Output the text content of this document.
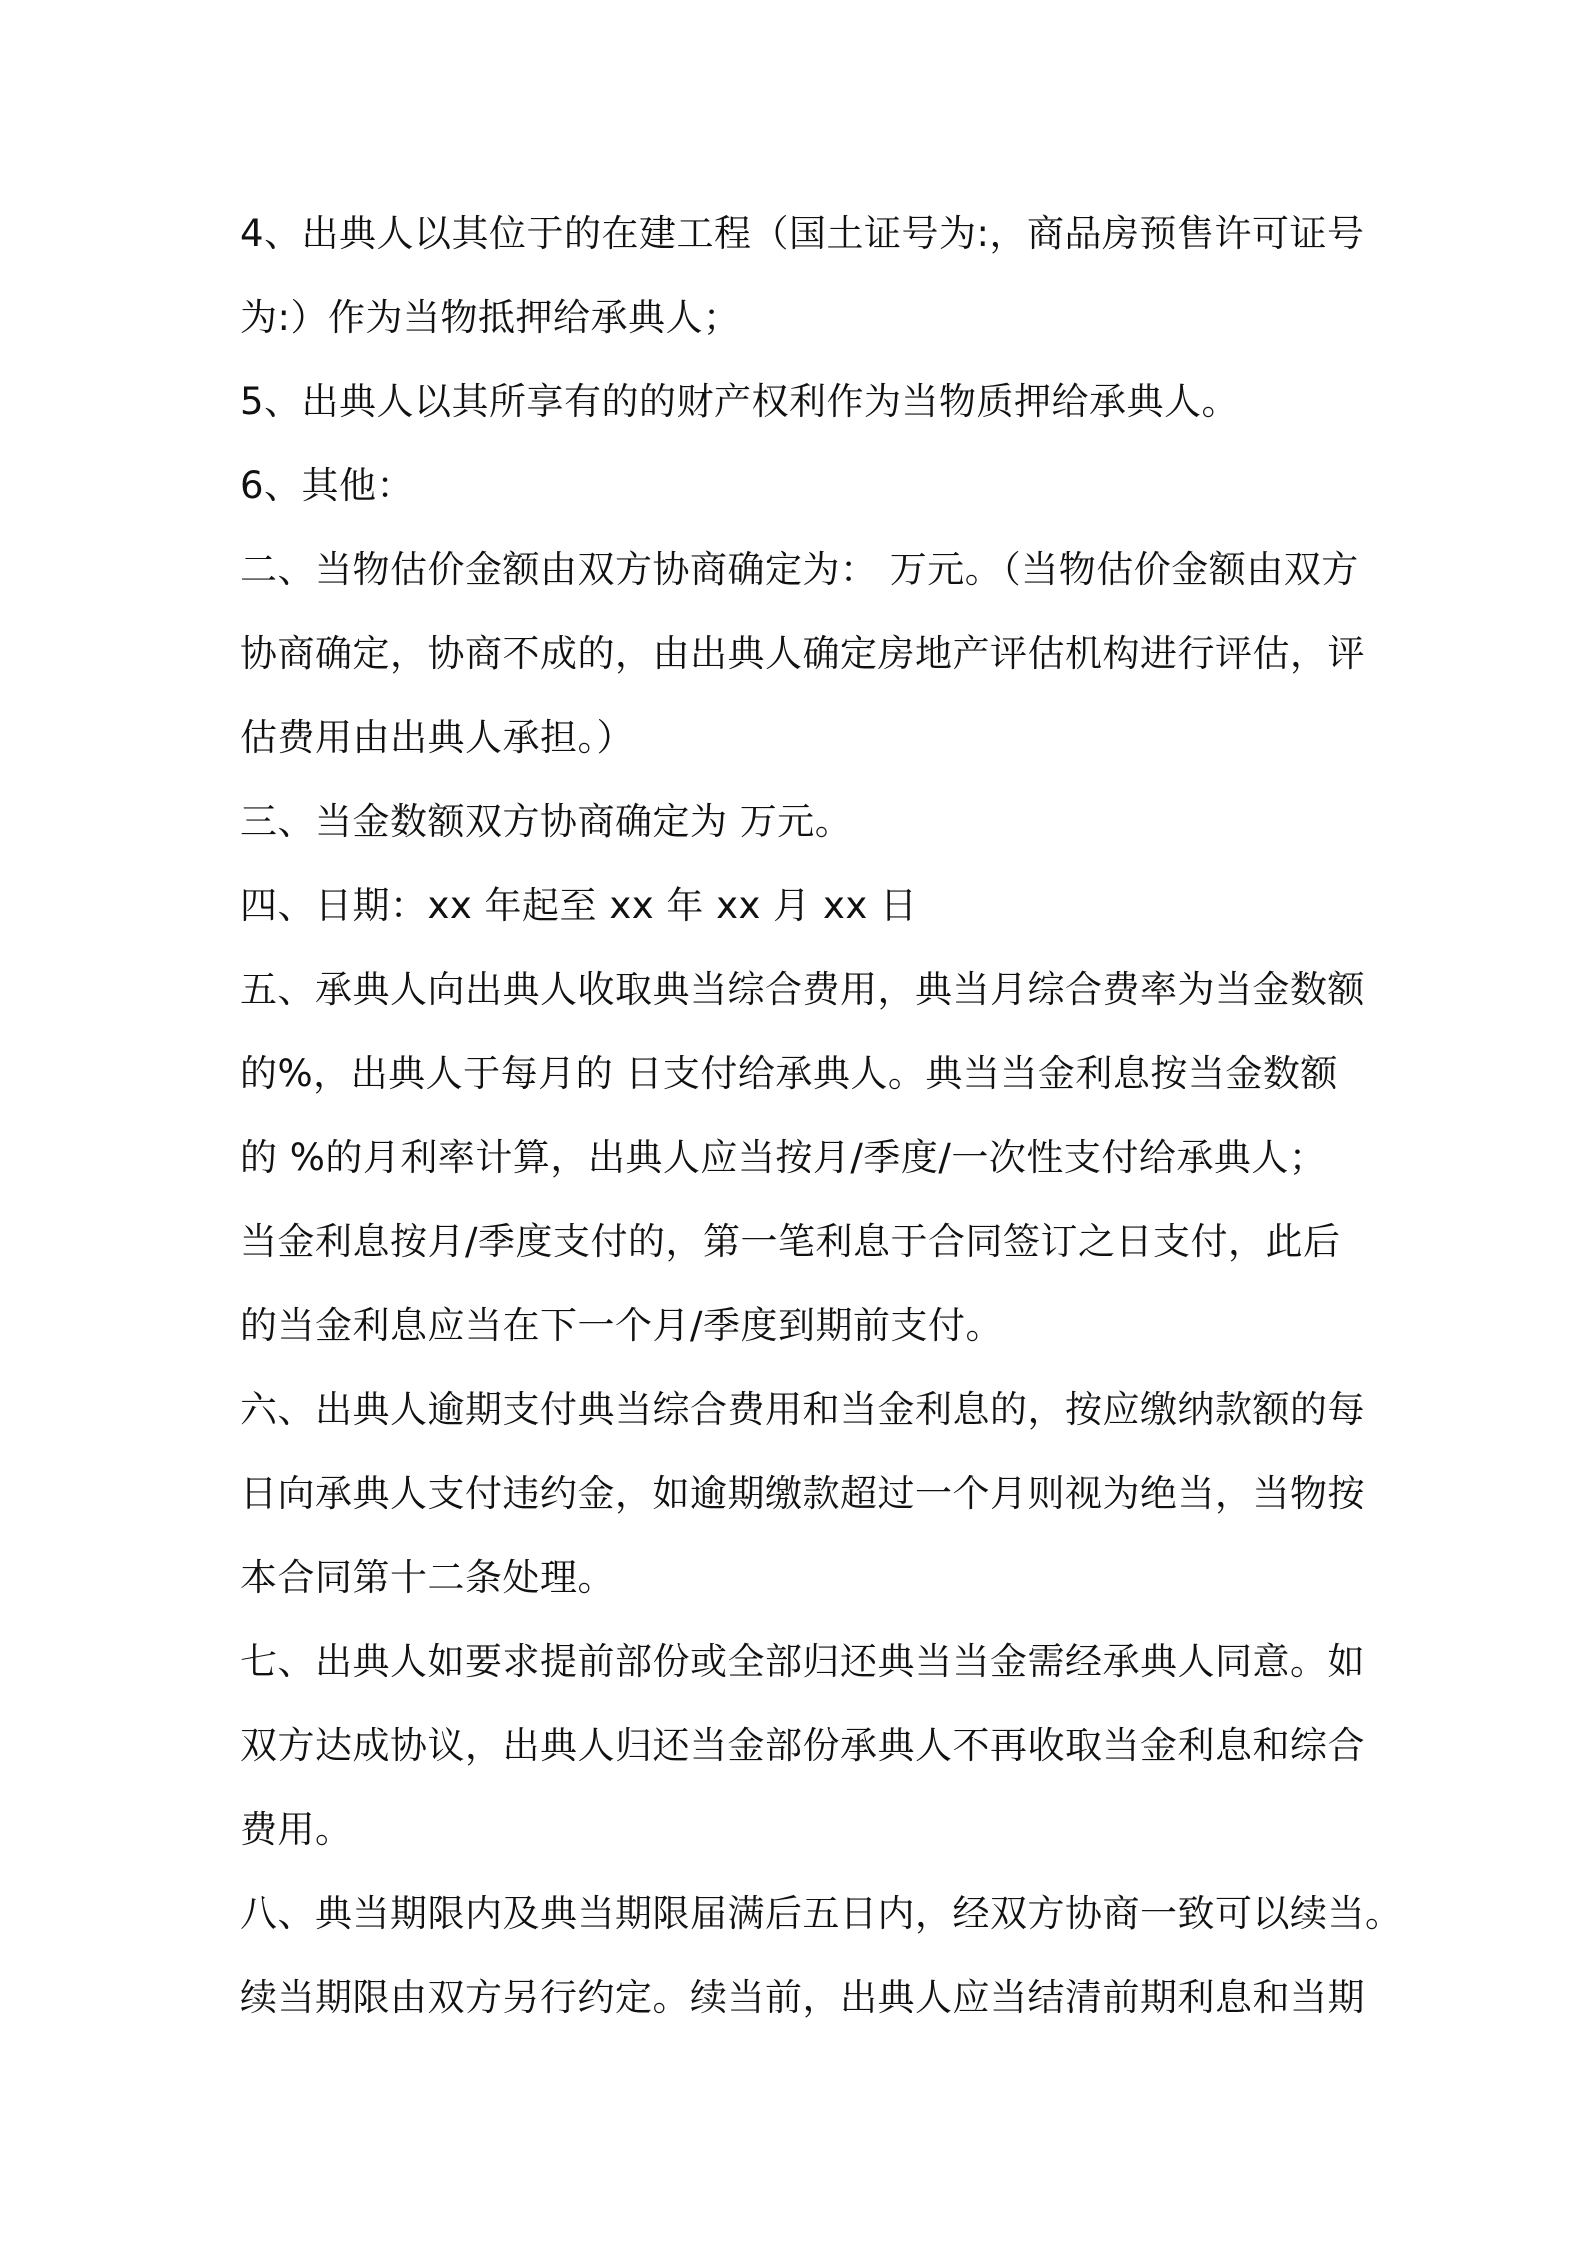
4、出典人以其位于的在建工程（国土证号为:，商品房预售许可证号

为:）作为当物抵押给承典人；

5、出典人以其所享有的的财产权利作为当物质押给承典人。

6、其他：

二、当物估价金额由双方协商确定为： 万元。（当物估价金额由双方

协商确定，协商不成的，由出典人确定房地产评估机构进行评估，评

估费用由出典人承担。）

三、当金数额双方协商确定为 万元。

四、日期：xx 年起至 xx 年 xx 月 xx 日

五、承典人向出典人收取典当综合费用，典当月综合费率为当金数额

的%，出典人于每月的 日支付给承典人。典当当金利息按当金数额

的 %的月利率计算，出典人应当按月/季度/一次性支付给承典人；

当金利息按月/季度支付的，第一笔利息于合同签订之日支付，此后

的当金利息应当在下一个月/季度到期前支付。

六、出典人逾期支付典当综合费用和当金利息的，按应缴纳款额的每

日向承典人支付违约金，如逾期缴款超过一个月则视为绝当，当物按

本合同第十二条处理。

七、出典人如要求提前部份或全部归还典当当金需经承典人同意。如

双方达成协议，出典人归还当金部份承典人不再收取当金利息和综合

费用。

八、典当期限内及典当期限届满后五日内，经双方协商一致可以续当。

续当期限由双方另行约定。续当前，出典人应当结清前期利息和当期
